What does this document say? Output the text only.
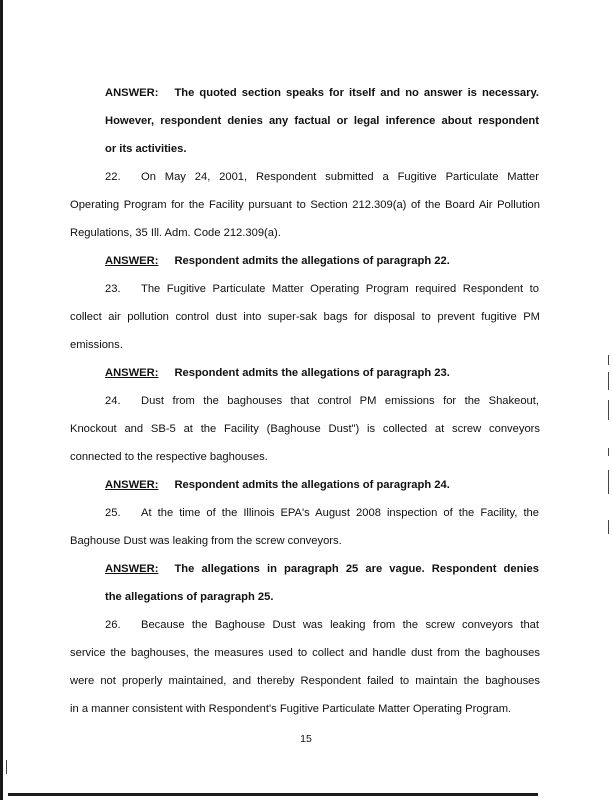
ANSWER: The quoted section speaks for itself and no answer is necessary.
However, respondent denies any factual or legal inference about respondent
or its activities.
22. On May 24, 2001, Respondent submitted a Fugitive Particulate Matter
Operating Program for the Facility pursuant to Section 212.309(a) of the Board Air Pollution
Regulations, 35 Ill. Adm. Code 212.309(a).
ANSWER: Respondent admits the allegations of paragraph 22.
23. The Fugitive Particulate Matter Operating Program required Respondent to
collect air pollution control dust into super-sak bags for disposal to prevent fugitive PM
emissions.
ANSWER: Respondent admits the allegations of paragraph 23.
24. Dust from the baghouses that control PM emissions for the Shakeout,
Knockout and SB-5 at the Facility (Baghouse Dust") is collected at screw conveyors
connected to the respective baghouses.
ANSWER: Respondent admits the allegations of paragraph 24.
25. At the time of the Illinois EPA's August 2008 inspection of the Facility, the
Baghouse Dust was leaking from the screw conveyors.
ANSWER: The allegations in paragraph 25 are vague. Respondent denies
the allegations of paragraph 25.
26. Because the Baghouse Dust was leaking from the screw conveyors that
service the baghouses, the measures used to collect and handle dust from the baghouses
were not properly maintained, and thereby Respondent failed to maintain the baghouses
in a manner consistent with Respondent's Fugitive Particulate Matter Operating Program.
15
